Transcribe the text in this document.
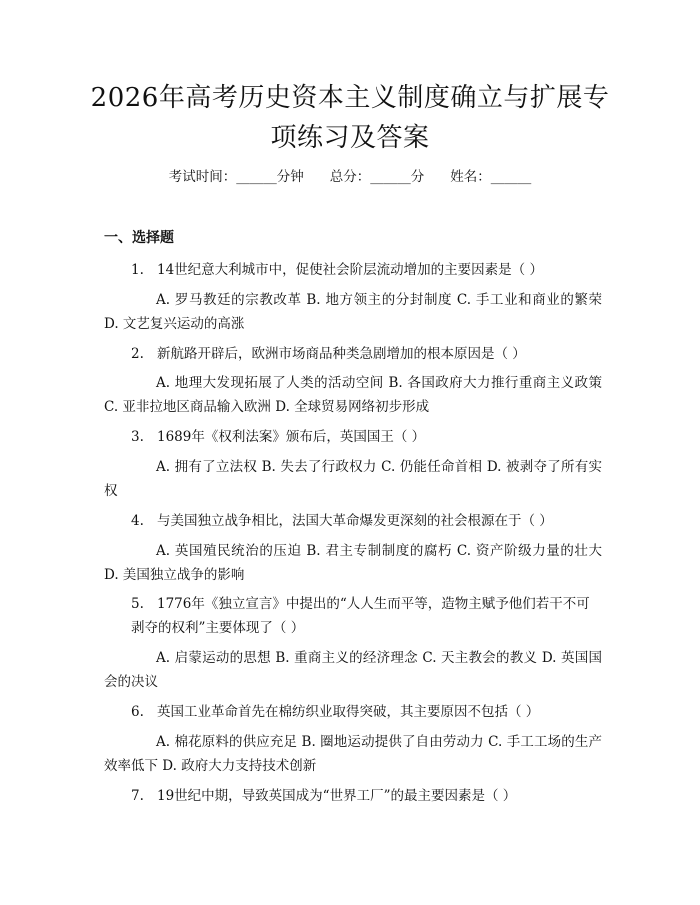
2026年高考历史资本主义制度确立与扩展专
项练习及答案
考试时间：______分钟 总分：______分 姓名：______
一、选择题
1. 14世纪意大利城市中，促使社会阶层流动增加的主要因素是（ ）
A. 罗马教廷的宗教改革 B. 地方领主的分封制度 C. 手工业和商业的繁荣 D. 文艺复兴运动的高涨
2. 新航路开辟后，欧洲市场商品种类急剧增加的根本原因是（ ）
A. 地理大发现拓展了人类的活动空间 B. 各国政府大力推行重商主义政策 C. 亚非拉地区商品输入欧洲 D. 全球贸易网络初步形成
3. 1689年《权利法案》颁布后，英国国王（ ）
A. 拥有了立法权 B. 失去了行政权力 C. 仍能任命首相 D. 被剥夺了所有实权
4. 与美国独立战争相比，法国大革命爆发更深刻的社会根源在于（ ）
A. 英国殖民统治的压迫 B. 君主专制制度的腐朽 C. 资产阶级力量的壮大 D. 美国独立战争的影响
5. 1776年《独立宣言》中提出的“人人生而平等，造物主赋予他们若干不可剥夺的权利”主要体现了（ ）
A. 启蒙运动的思想 B. 重商主义的经济理念 C. 天主教会的教义 D. 英国国会的决议
6. 英国工业革命首先在棉纺织业取得突破，其主要原因不包括（ ）
A. 棉花原料的供应充足 B. 圈地运动提供了自由劳动力 C. 手工工场的生产效率低下 D. 政府大力支持技术创新
7. 19世纪中期，导致英国成为“世界工厂”的最主要因素是（ ）
